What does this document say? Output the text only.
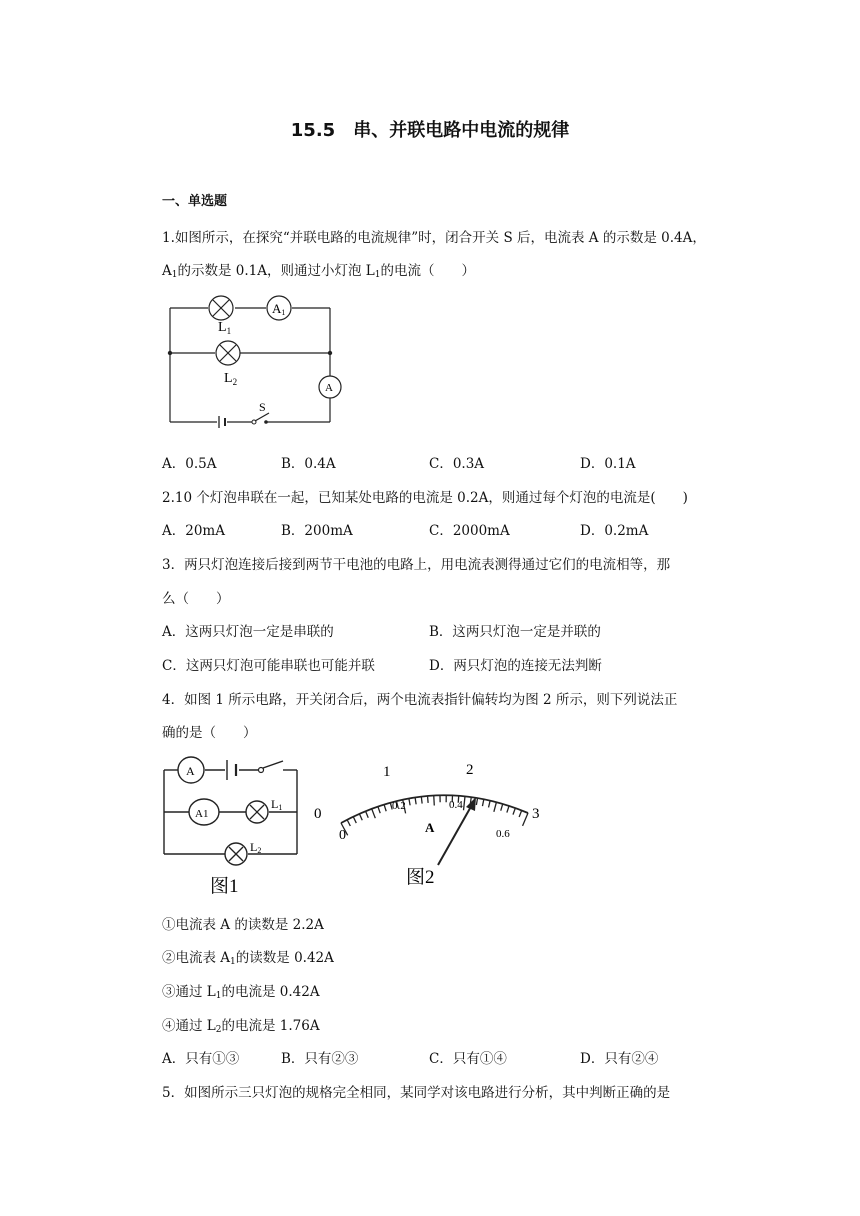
15.5　串、并联电路中电流的规律
一、单选题
1.如图所示，在探究“并联电路的电流规律”时，闭合开关 S 后，电流表 A 的示数是 0.4A，
$A_1$的示数是 0.1A，则通过小灯泡 $L_1$的电流（　　）
$L_1$
A1
$L_2$	A
S
A．0.5A	B．0.4A	C．0.3A	D．0.1A
2.10 个灯泡串联在一起，已知某处电路的电流是 0.2A，则通过每个灯泡的电流是(　　)
A．20mA	B．200mA	C．2000mA	D．0.2mA
3．两只灯泡连接后接到两节干电池的电路上，用电流表测得通过它们的电流相等，那
么（　　）
A．这两只灯泡一定是串联的	B．这两只灯泡一定是并联的
C．这两只灯泡可能串联也可能并联	D．两只灯泡的连接无法判断
4．如图 1 所示电路，开关闭合后，两个电流表指针偏转均为图 2 所示，则下列说法正
确的是（　　）
A
A1
L1
L2
图1
0
1	2
3
0
0.2	0.4
0.6
A
图2
①电流表 A 的读数是 2.2A
②电流表 $A_1$的读数是 0.42A
③通过 $L_1$的电流是 0.42A
④通过 $L_2$的电流是 1.76A
A．只有①③	B．只有②③	C．只有①④	D．只有②④
5．如图所示三只灯泡的规格完全相同，某同学对该电路进行分析，其中判断正确的是
